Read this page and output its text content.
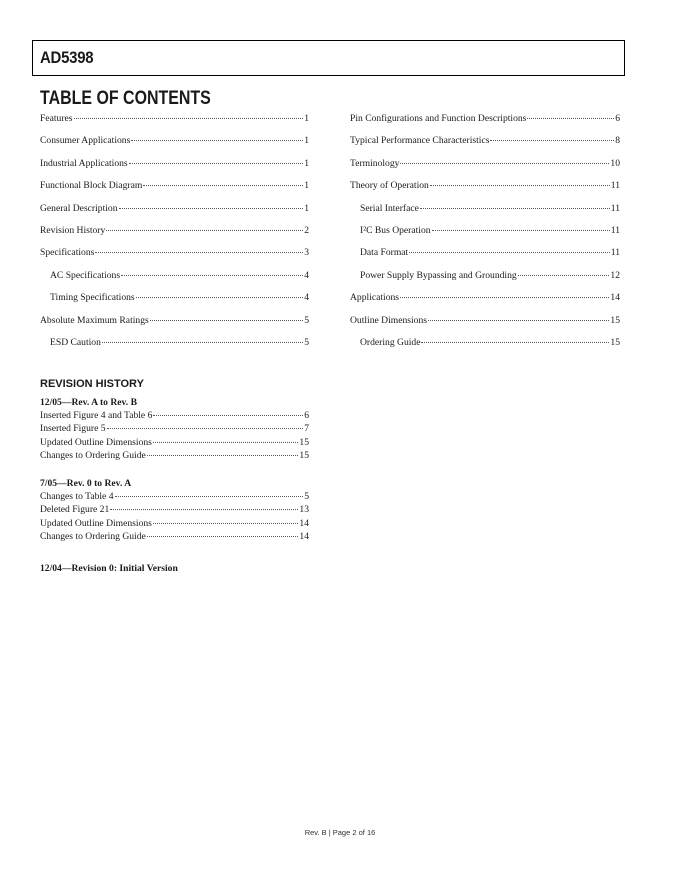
AD5398
TABLE OF CONTENTS
Features	1
Consumer Applications	1
Industrial Applications	1
Functional Block Diagram	1
General Description	1
Revision History	2
Specifications	3
AC Specifications	4
Timing Specifications	4
Absolute Maximum Ratings	5
ESD Caution	5
Pin Configurations and Function Descriptions	6
Typical Performance Characteristics	8
Terminology	10
Theory of Operation	11
Serial Interface	11
I²C Bus Operation	11
Data Format	11
Power Supply Bypassing and Grounding	12
Applications	14
Outline Dimensions	15
Ordering Guide	15
REVISION HISTORY
12/05—Rev. A to Rev. B
Inserted Figure 4 and Table 6	6
Inserted Figure 5	7
Updated Outline Dimensions	15
Changes to Ordering Guide	15
7/05—Rev. 0 to Rev. A
Changes to Table 4	5
Deleted Figure 21	13
Updated Outline Dimensions	14
Changes to Ordering Guide	14
12/04—Revision 0: Initial Version
Rev. B | Page 2 of 16
